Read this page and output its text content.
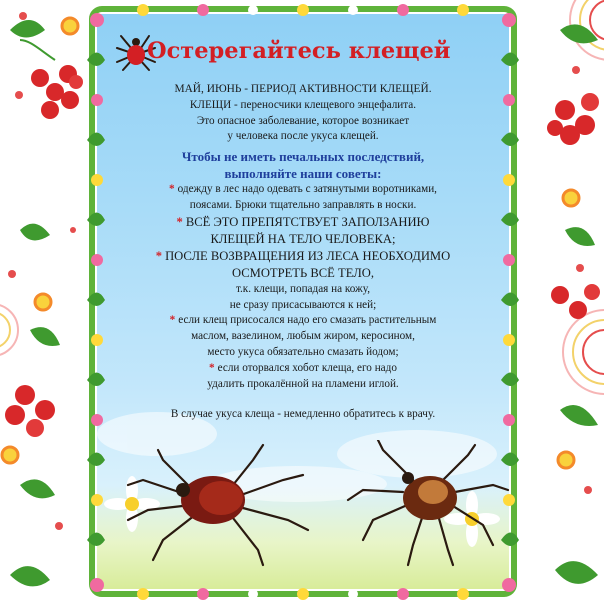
Остерегайтесь клещей
МАЙ, ИЮНЬ - ПЕРИОД АКТИВНОСТИ КЛЕЩЕЙ.
КЛЕЩИ - переносчики клещевого энцефалита.
Это опасное заболевание, которое возникает
у человека после укуса клещей.
Чтобы не иметь печальных последствий,
выполняйте наши советы:
* одежду в лес надо одевать с затянутыми воротниками,
поясами. Брюки тщательно заправлять в носки.
* ВСЁ ЭТО ПРЕПЯТСТВУЕТ ЗАПОЛЗАНИЮ
КЛЕЩЕЙ НА ТЕЛО ЧЕЛОВЕКА;
* ПОСЛЕ ВОЗВРАЩЕНИЯ ИЗ ЛЕСА НЕОБХОДИМО
ОСМОТРЕТЬ ВСЁ ТЕЛО,
т.к. клещи, попадая на кожу,
не сразу присасываются к ней;
* если клещ присосался надо его смазать растительным
маслом, вазелином, любым жиром, керосином,
место укуса обязательно смазать йодом;
* если оторвался хобот клеща, его надо
удалить прокалённой на пламени иглой.
В случае укуса клеща - немедленно обратитесь к врачу.
